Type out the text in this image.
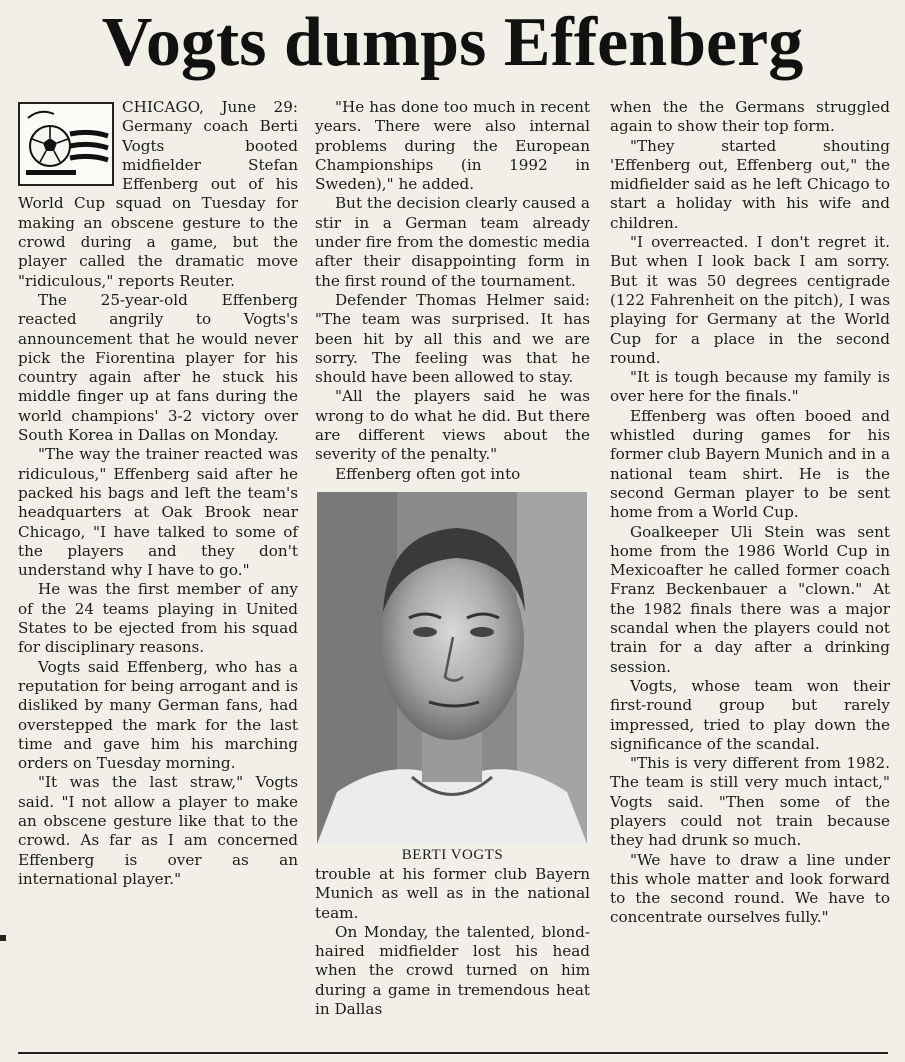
Vogts dumps Effenberg

CHICAGO, June 29: Germany coach Berti Vogts booted midfielder Stefan Effenberg out of his World Cup squad on Tuesday for making an obscene gesture to the crowd during a game, but the player called the dramatic move "ridiculous," reports Reuter.

The 25-year-old Effenberg reacted angrily to Vogts's announcement that he would never pick the Fiorentina player for his country again after he stuck his middle finger up at fans during the world champions' 3-2 victory over South Korea in Dallas on Monday.

"The way the trainer reacted was ridiculous," Effenberg said after he packed his bags and left the team's headquarters at Oak Brook near Chicago, "I have talked to some of the players and they don't understand why I have to go."

He was the first member of any of the 24 teams playing in United States to be ejected from his squad for disciplinary reasons.

Vogts said Effenberg, who has a reputation for being arrogant and is disliked by many German fans, had overstepped the mark for the last time and gave him his marching orders on Tuesday morning.

"It was the last straw," Vogts said. "I not allow a player to make an obscene gesture like that to the crowd. As far as I am concerned Effenberg is over as an international player."

"He has done too much in recent years. There were also internal problems during the European Championships (in 1992 in Sweden)," he added.

But the decision clearly caused a stir in a German team already under fire from the domestic media after their disappointing form in the first round of the tournament.

Defender Thomas Helmer said: "The team was surprised. It has been hit by all this and we are sorry. The feeling was that he should have been allowed to stay.

"All the players said he was wrong to do what he did. But there are different views about the severity of the penalty."

Effenberg often got into

BERTI VOGTS

trouble at his former club Bayern Munich as well as in the national team.

On Monday, the talented, blond-haired midfielder lost his head when the crowd turned on him during a game in tremendous heat in Dallas

when the the Germans struggled again to show their top form.

"They started shouting 'Effenberg out, Effenberg out," the midfielder said as he left Chicago to start a holiday with his wife and children.

"I overreacted. I don't regret it. But when I look back I am sorry. But it was 50 degrees centigrade (122 Fahrenheit on the pitch), I was playing for Germany at the World Cup for a place in the second round.

"It is tough because my family is over here for the finals."

Effenberg was often booed and whistled during games for his former club Bayern Munich and in a national team shirt. He is the second German player to be sent home from a World Cup.

Goalkeeper Uli Stein was sent home from the 1986 World Cup in Mexicoafter he called former coach Franz Beckenbauer a "clown." At the 1982 finals there was a major scandal when the players could not train for a day after a drinking session.

Vogts, whose team won their first-round group but rarely impressed, tried to play down the significance of the scandal.

"This is very different from 1982. The team is still very much intact," Vogts said. "Then some of the players could not train because they had drunk so much.

"We have to draw a line under this whole matter and look forward to the second round. We have to concentrate ourselves fully."
